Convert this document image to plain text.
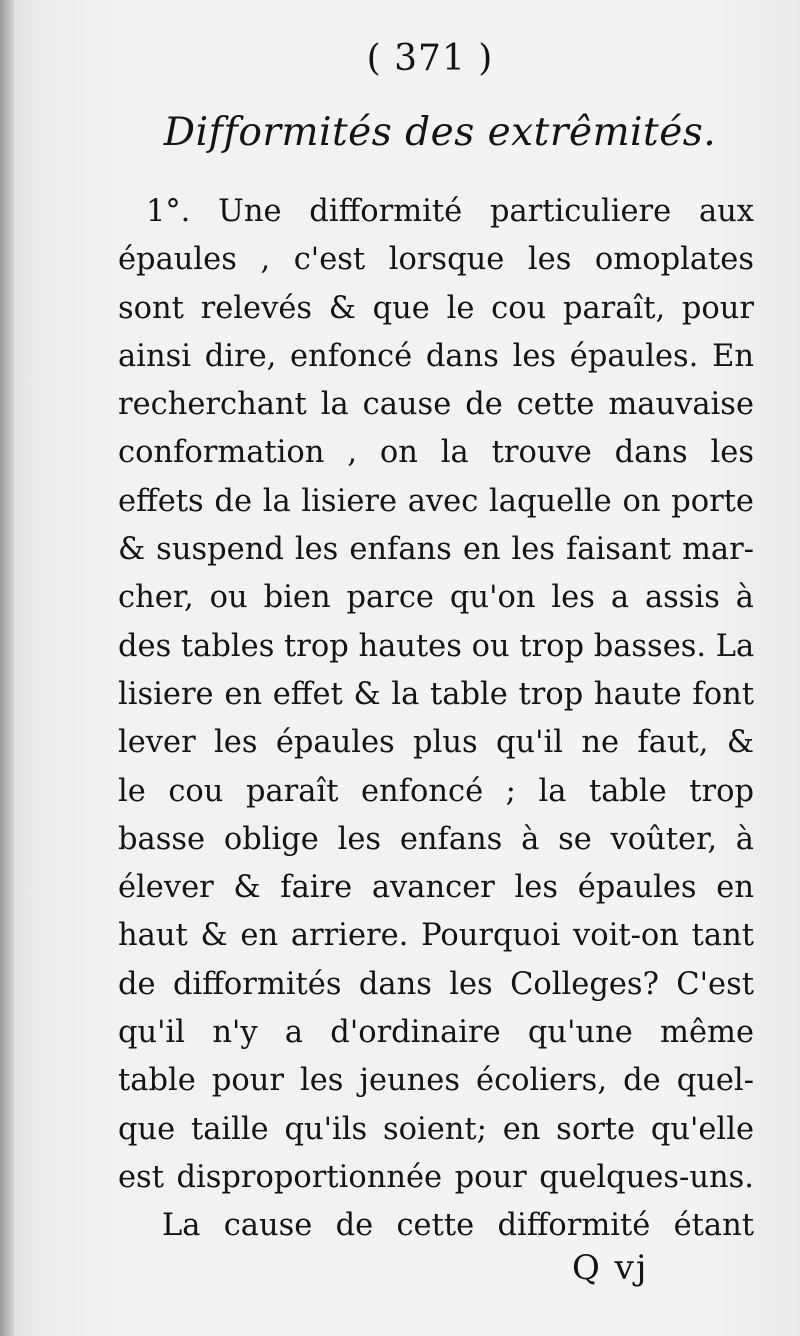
( 371 )
Difformités des extrêmités.
1°. Une difformité particuliere aux
épaules , c'est lorsque les omoplates
sont relevés & que le cou paraît, pour
ainsi dire, enfoncé dans les épaules. En
recherchant la cause de cette mauvaise
conformation , on la trouve dans les
effets de la lisiere avec laquelle on porte
& suspend les enfans en les faisant mar-
cher, ou bien parce qu'on les a assis à
des tables trop hautes ou trop basses. La
lisiere en effet & la table trop haute font
lever les épaules plus qu'il ne faut, &
le cou paraît enfoncé ; la table trop
basse oblige les enfans à se voûter, à
élever & faire avancer les épaules en
haut & en arriere. Pourquoi voit-on tant
de difformités dans les Colleges? C'est
qu'il n'y a d'ordinaire qu'une même
table pour les jeunes écoliers, de quel-
que taille qu'ils soient; en sorte qu'elle
est disproportionnée pour quelques-uns.
La cause de cette difformité étant
Q vj
